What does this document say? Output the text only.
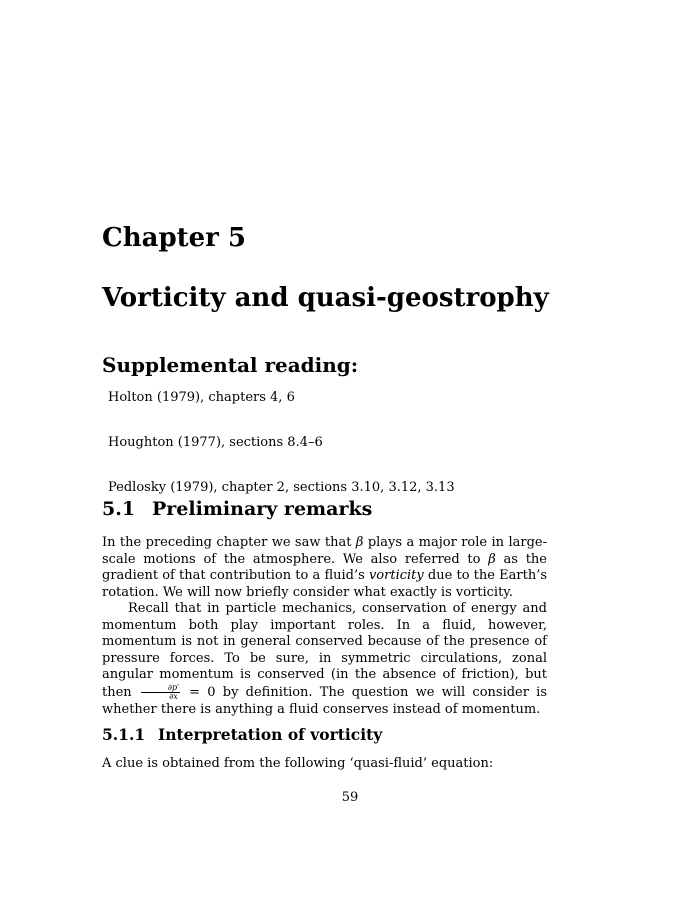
Chapter 5
Vorticity and quasi-geostrophy
Supplemental reading:
Holton (1979), chapters 4, 6
Houghton (1977), sections 8.4–6
Pedlosky (1979), chapter 2, sections 3.10, 3.12, 3.13
5.1 Preliminary remarks

In the preceding chapter we saw that β plays a major role in large-scale motions of the atmosphere. We also referred to β as the gradient of that contribution to a fluid’s vorticity due to the Earth’s rotation. We will now briefly consider what exactly is vorticity.

Recall that in particle mechanics, conservation of energy and momentum both play important roles. In a fluid, however, momentum is not in general conserved because of the presence of pressure forces. To be sure, in symmetric circulations, zonal angular momentum is conserved (in the absence of friction), but then $\frac{\partial p'}{\partial x} = 0$ by definition. The question we will consider is whether there is anything a fluid conserves instead of momentum.

5.1.1 Interpretation of vorticity

A clue is obtained from the following ‘quasi-fluid’ equation:

59
